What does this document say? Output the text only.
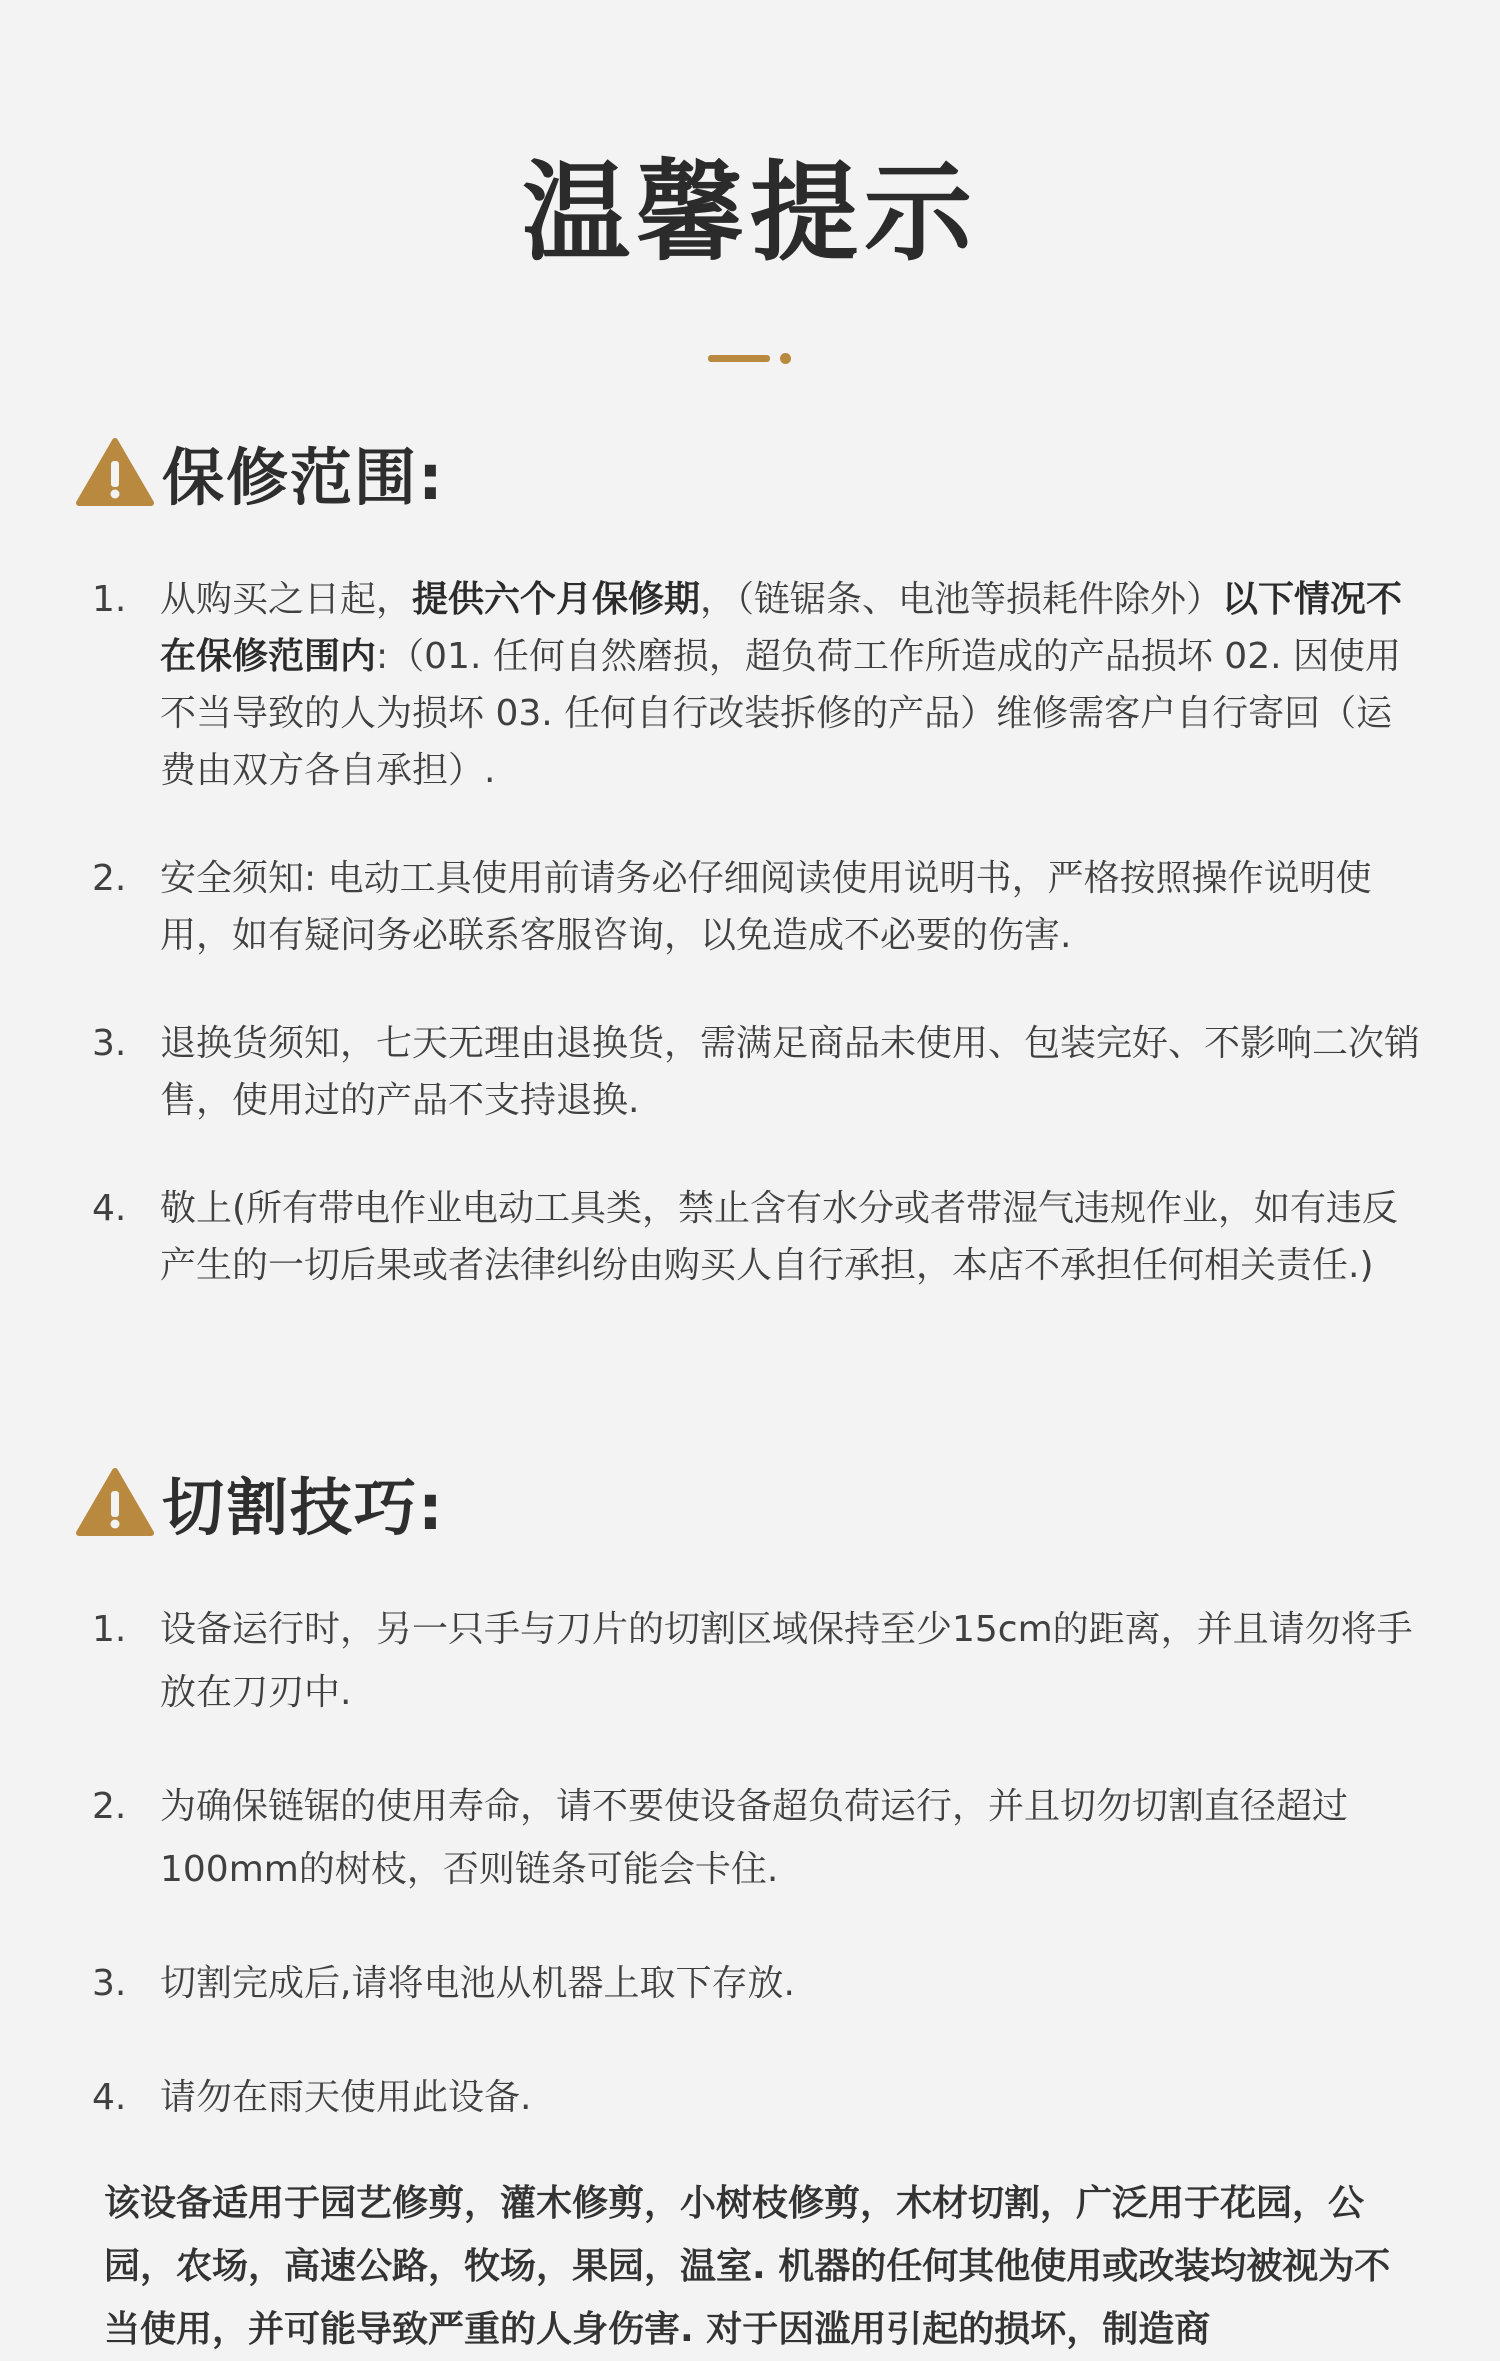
温馨提示
保修范围:
1. 从购买之日起，提供六个月保修期，（链锯条、电池等损耗件除外）以下情况不在保修范围内:（01. 任何自然磨损，超负荷工作所造成的产品损坏 02. 因使用不当导致的人为损坏 03. 任何自行改装拆修的产品）维修需客户自行寄回（运费由双方各自承担）.
2. 安全须知: 电动工具使用前请务必仔细阅读使用说明书，严格按照操作说明使用，如有疑问务必联系客服咨询，以免造成不必要的伤害.
3. 退换货须知，七天无理由退换货，需满足商品未使用、包装完好、不影响二次销售，使用过的产品不支持退换.
4. 敬上(所有带电作业电动工具类，禁止含有水分或者带湿气违规作业，如有违反产生的一切后果或者法律纠纷由购买人自行承担，本店不承担任何相关责任.)
切割技巧:
1. 设备运行时，另一只手与刀片的切割区域保持至少15cm的距离，并且请勿将手放在刀刃中.
2. 为确保链锯的使用寿命，请不要使设备超负荷运行，并且切勿切割直径超过100mm的树枝，否则链条可能会卡住.
3. 切割完成后,请将电池从机器上取下存放.
4. 请勿在雨天使用此设备.
该设备适用于园艺修剪，灌木修剪，小树枝修剪，木材切割，广泛用于花园，公园，农场，高速公路，牧场，果园，温室. 机器的任何其他使用或改装均被视为不当使用，并可能导致严重的人身伤害. 对于因滥用引起的损坏，制造商
